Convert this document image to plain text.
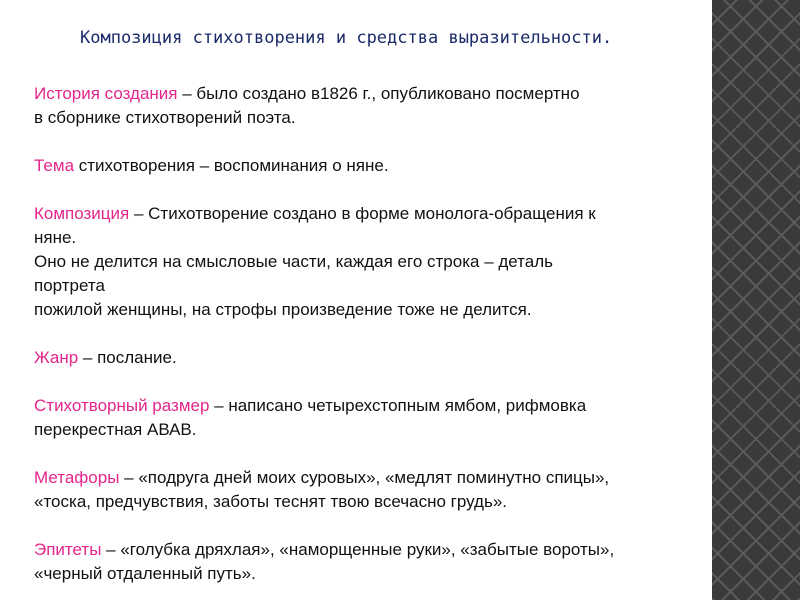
Композиция стихотворения и средства выразительности.
История создания – было создано в1826 г., опубликовано посмертно
в сборнике стихотворений поэта.
Тема стихотворения – воспоминания о няне.
Композиция – Стихотворение создано в форме монолога-обращения к
няне.
Оно не делится на смысловые части, каждая его строка – деталь
портрета
пожилой женщины, на строфы произведение тоже не делится.
Жанр – послание.
Стихотворный размер – написано четырехстопным ямбом, рифмовка
перекрестная АВАВ.
Метафоры – «подруга дней моих суровых», «медлят поминутно спицы»,
«тоска, предчувствия, заботы теснят твою всечасно грудь».
Эпитеты – «голубка дряхлая», «наморщенные руки», «забытые вороты»,
«черный отдаленный путь».
